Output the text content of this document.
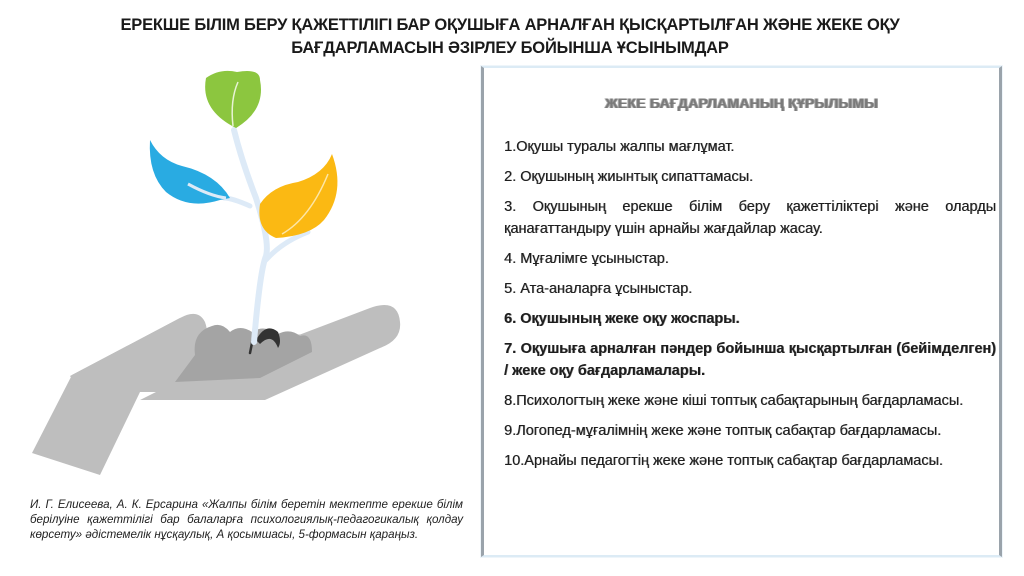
ЕРЕКШЕ БІЛІМ БЕРУ ҚАЖЕТТІЛІГІ БАР ОҚУШЫҒА АРНАЛҒАН ҚЫСҚАРТЫЛҒАН ЖӘНЕ ЖЕКЕ ОҚУ БАҒДАРЛАМАСЫН ӘЗІРЛЕУ БОЙЫНША ҰСЫНЫМДАР
И. Г. Елисеева, А. К. Ерсарина «Жалпы білім беретін мектепте ерекше білім берілуіне қажеттілігі бар балаларға психологиялық-педагогикалық қолдау көрсету» әдістемелік нұсқаулық, А қосымшасы, 5-формасын қараңыз.
ЖЕКЕ БАҒДАРЛАМАНЫҢ ҚҰРЫЛЫМЫ
1.Оқушы туралы жалпы мағлұмат.
2. Оқушының жиынтық сипаттамасы.
3. Оқушының ерекше білім беру қажеттіліктері және оларды қанағаттандыру үшін арнайы жағдайлар жасау.
4. Мұғалімге ұсыныстар.
5. Ата-аналарға ұсыныстар.
6. Оқушының жеке оқу жоспары.
7. Оқушыға арналған пәндер бойынша қысқартылған (бейімделген) / жеке оқу бағдарламалары.
8.Психологтың жеке және кіші топтық сабақтарының бағдарламасы.
9.Логопед-мұғалімнің жеке және топтық сабақтар бағдарламасы.
10.Арнайы педагогтің жеке және топтық сабақтар бағдарламасы.
